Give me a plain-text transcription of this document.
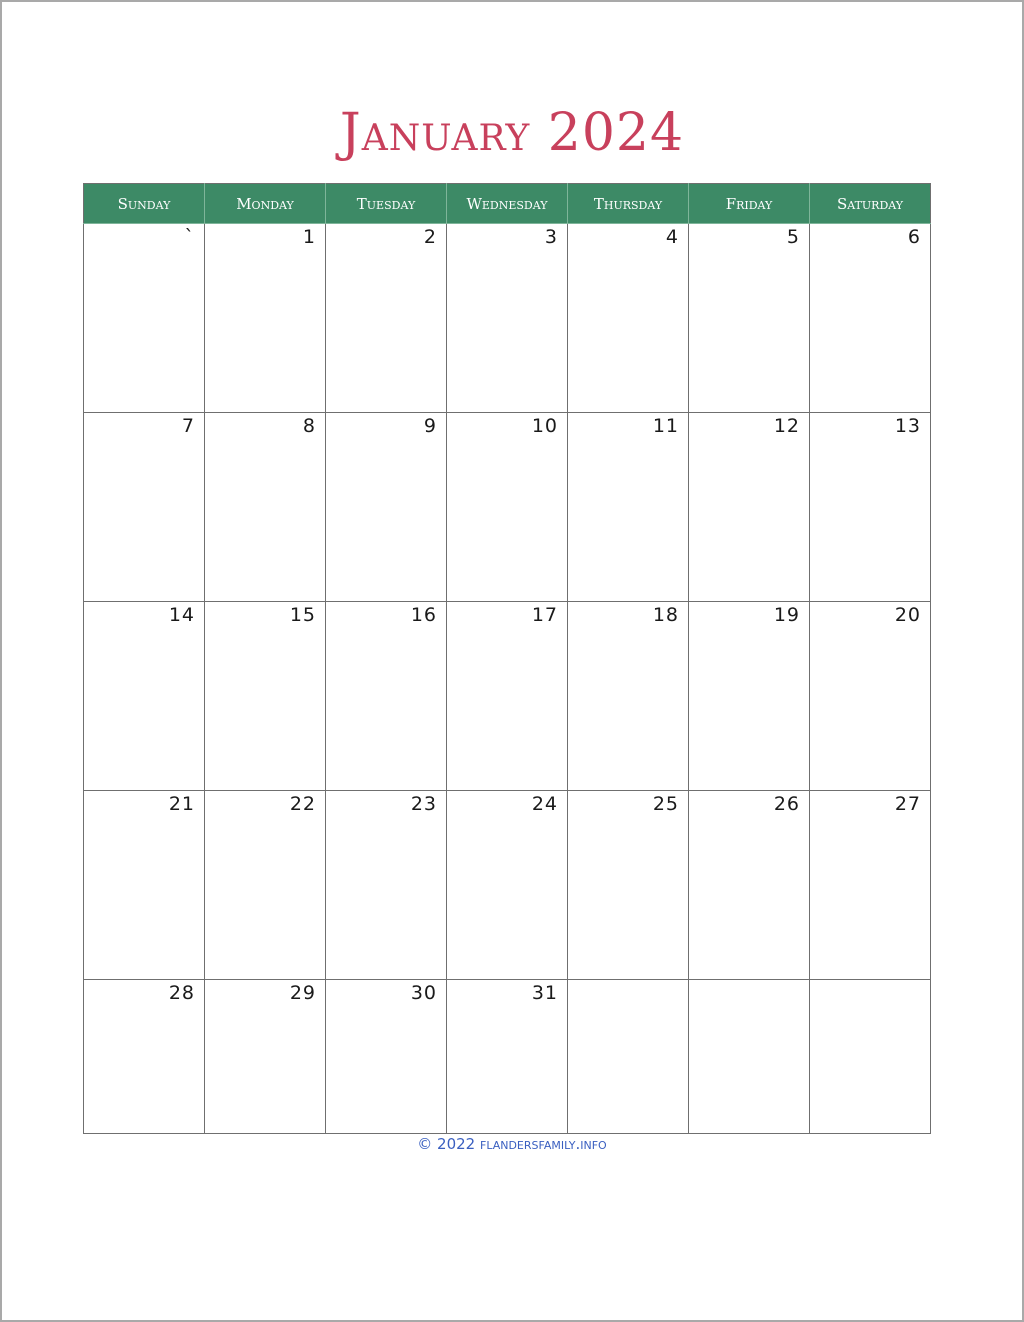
January 2024
Sunday	Monday	Tuesday	Wednesday	Thursday	Friday	Saturday

`	1	2	3	4	5	6

7	8	9	10	11	12	13

14	15	16	17	18	19	20

21	22	23	24	25	26	27

28	29	30	31			

© 2022 flandersfamily.info
